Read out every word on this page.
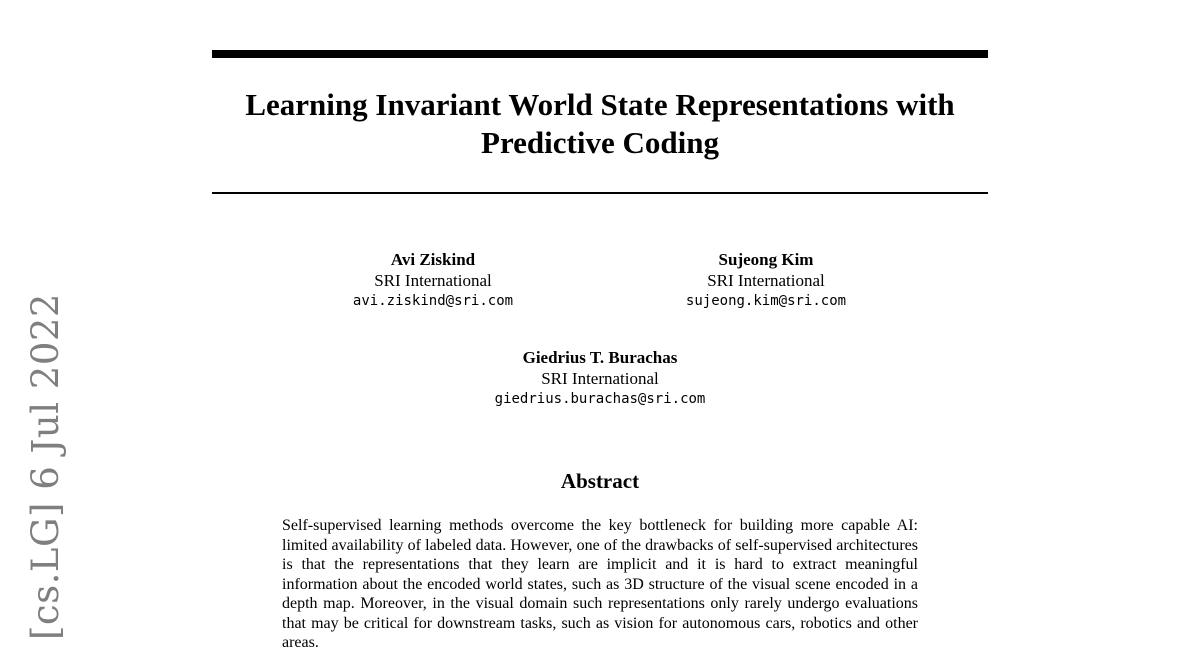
[cs.LG] 6 Jul 2022
Learning Invariant World State Representations with Predictive Coding
Avi Ziskind
SRI International
avi.ziskind@sri.com
Sujeong Kim
SRI International
sujeong.kim@sri.com
Giedrius T. Burachas
SRI International
giedrius.burachas@sri.com
Abstract

Self-supervised learning methods overcome the key bottleneck for building more capable AI: limited availability of labeled data. However, one of the drawbacks of self-supervised architectures is that the representations that they learn are implicit and it is hard to extract meaningful information about the encoded world states, such as 3D structure of the visual scene encoded in a depth map. Moreover, in the visual domain such representations only rarely undergo evaluations that may be critical for downstream tasks, such as vision for autonomous cars, robotics and other areas.
